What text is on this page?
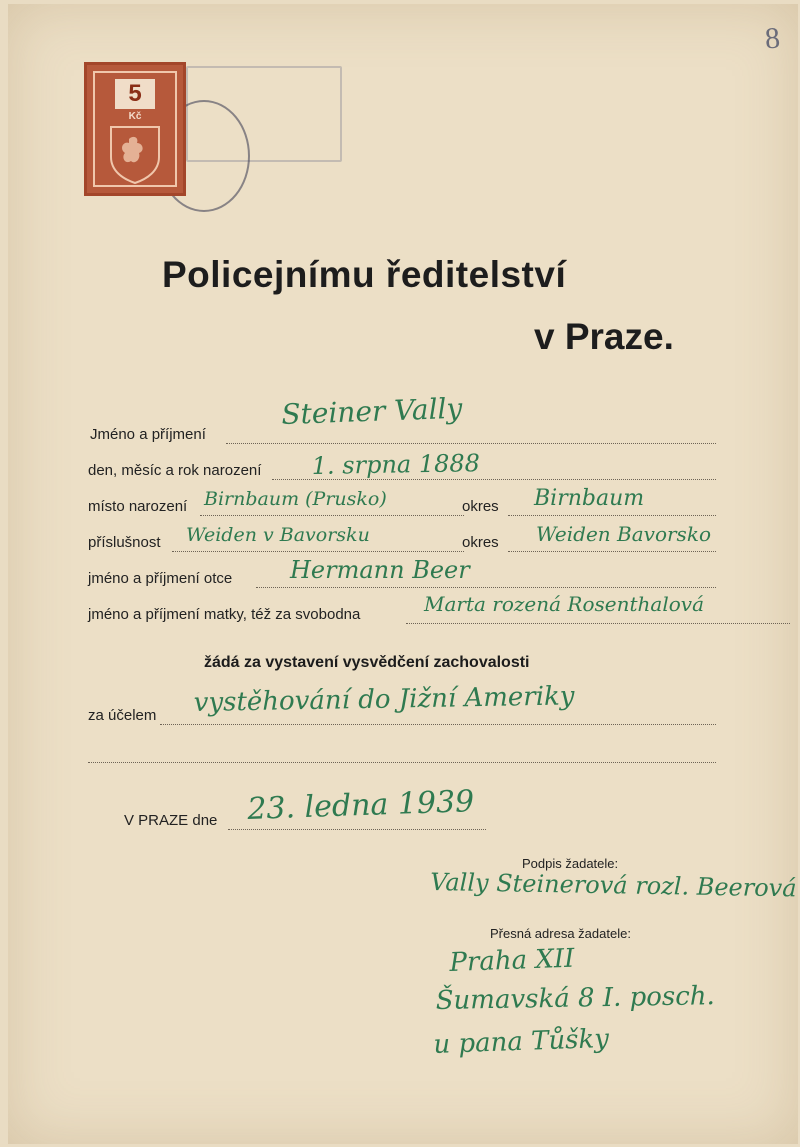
8
5
Kč
Policejnímu ředitelství
v Praze.
Jméno a příjmení
Steiner Vally
den, měsíc a rok narození 1. srpna 1888
místo narození Birnbaum (Prusko)	okres Birnbaum
příslušnost Weiden v Bavorsku	okres Weiden Bavorsko
jméno a příjmení otce Hermann Beer
jméno a příjmení matky, též za svobodna	Marta rozená Rosenthalová
žádá za vystavení vysvědčení zachovalosti
za účelem vystěhování do Jižní Ameriky
V PRAZE dne 23. ledna 1939
Podpis žadatele:
Vally Steinerová rozl. Beerová
Přesná adresa žadatele:
Praha XII
Šumavská 8 I. posch.
u pana Tůšky
